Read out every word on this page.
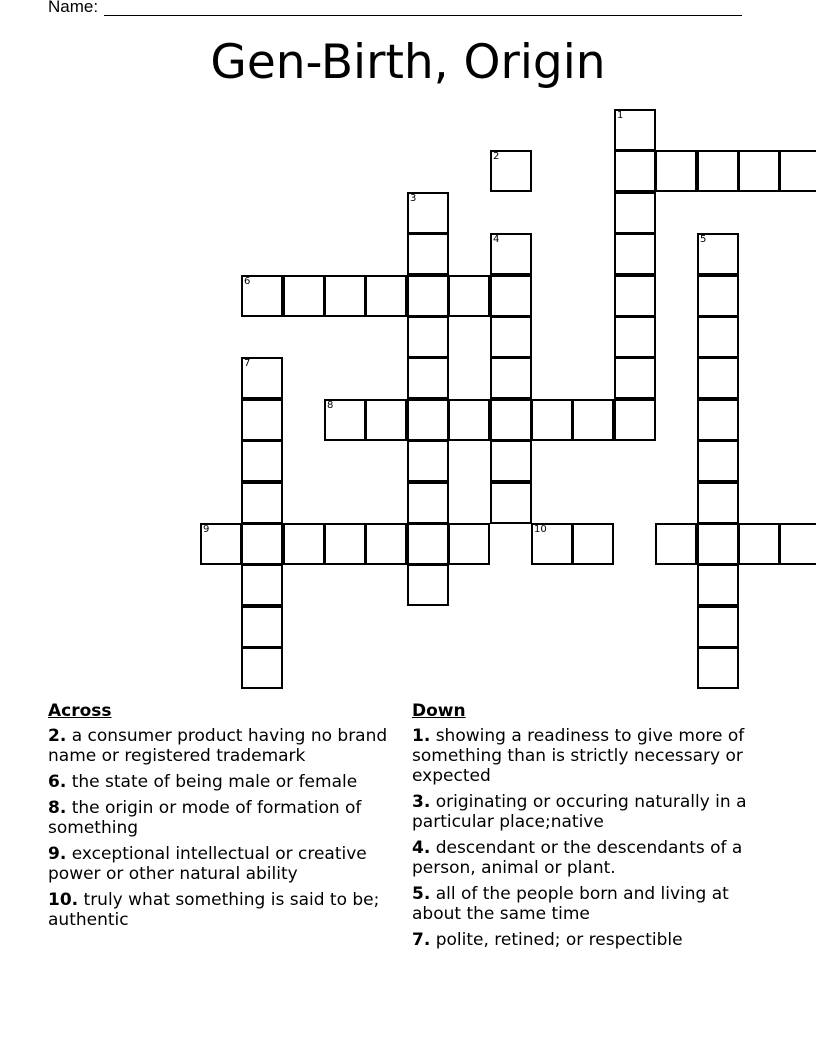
Name:
Gen-Birth, Origin
3
4
6
7
8
1
5
9	10
2
Across
2. a consumer product having no brand name or registered trademark
6. the state of being male or female
8. the origin or mode of formation of something
9. exceptional intellectual or creative power or other natural ability
10. truly what something is said to be; authentic
Down
1. showing a readiness to give more of something than is strictly necessary or expected
3. originating or occuring naturally in a particular place;native
4. descendant or the descendants of a person, animal or plant.
5. all of the people born and living at about the same time
7. polite, retined; or respectible
